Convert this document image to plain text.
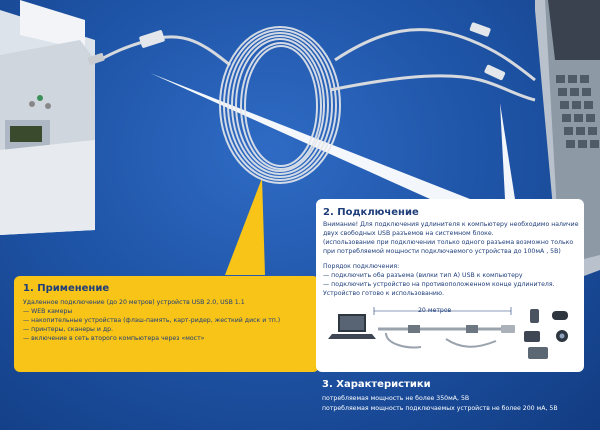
1. Применение
Удаленное подключение (до 20 метров) устройств USB 2.0, USB 1.1
— WEB камеры
— накопительные устройства (флэш-память, карт-ридер, жесткий диск и тп.)
— принтеры, сканеры и др.
— включение в сеть второго компьютера через «мост»
2. Подключение
Внимание! Для подключения удлинителя к компьютеру необходимо наличие
двух свободных USB разъемов на системном блоке.
(использование при подключении только одного разъема возможно только
при потребляемой мощности подключаемого устройства до 100мА , 5В)
Порядок подключения:
— подключить оба разъема (вилки тип А) USB к компьютеру
— подключить устройство на противоположенном конце удлинителя.
Устройство готово к использованию.
20 метров
3. Характеристики
потребляемая мощность не более 350мА, 5В
потребляемая мощность подключаемых устройств не более 200 мА, 5В
